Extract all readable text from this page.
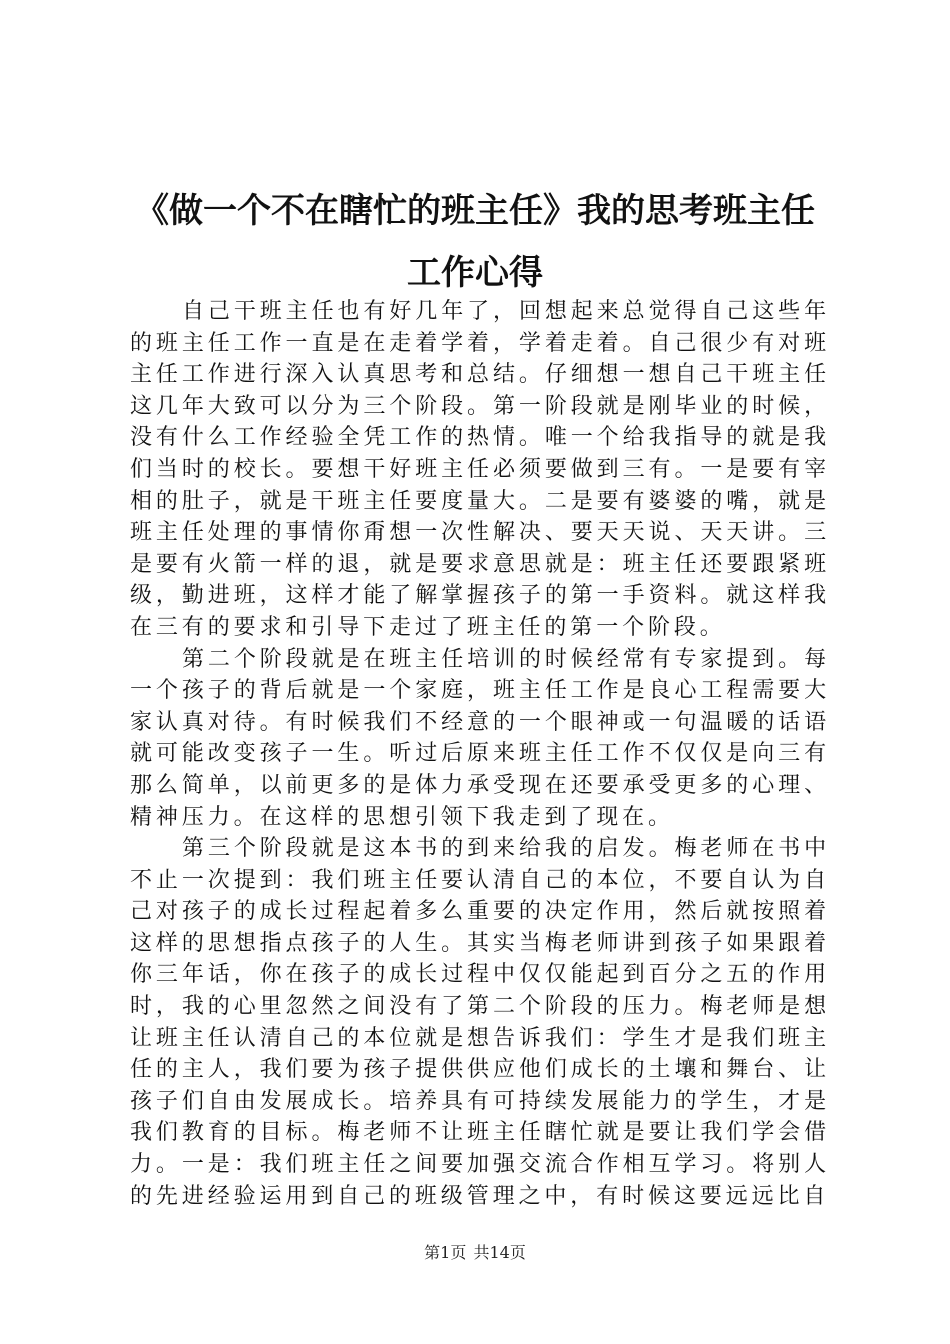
《做一个不在瞎忙的班主任》我的思考班主任
工作心得

自己干班主任也有好几年了，回想起来总觉得自己这些年的班主任工作一直是在走着学着，学着走着。自己很少有对班主任工作进行深入认真思考和总结。仔细想一想自己干班主任这几年大致可以分为三个阶段。第一阶段就是刚毕业的时候，没有什么工作经验全凭工作的热情。唯一个给我指导的就是我们当时的校长。要想干好班主任必须要做到三有。一是要有宰相的肚子，就是干班主任要度量大。二是要有婆婆的嘴，就是班主任处理的事情你甭想一次性解决、要天天说、天天讲。三是要有火箭一样的退，就是要求意思就是：班主任还要跟紧班级，勤进班，这样才能了解掌握孩子的第一手资料。就这样我在三有的要求和引导下走过了班主任的第一个阶段。

第二个阶段就是在班主任培训的时候经常有专家提到。每一个孩子的背后就是一个家庭，班主任工作是良心工程需要大家认真对待。有时候我们不经意的一个眼神或一句温暖的话语就可能改变孩子一生。听过后原来班主任工作不仅仅是向三有那么简单，以前更多的是体力承受现在还要承受更多的心理、精神压力。在这样的思想引领下我走到了现在。

第三个阶段就是这本书的到来给我的启发。梅老师在书中不止一次提到：我们班主任要认清自己的本位，不要自认为自己对孩子的成长过程起着多么重要的决定作用，然后就按照着这样的思想指点孩子的人生。其实当梅老师讲到孩子如果跟着你三年话，你在孩子的成长过程中仅仅能起到百分之五的作用时，我的心里忽然之间没有了第二个阶段的压力。梅老师是想让班主任认清自己的本位就是想告诉我们：学生才是我们班主任的主人，我们要为孩子提供供应他们成长的土壤和舞台、让孩子们自由发展成长。培养具有可持续发展能力的学生，才是我们教育的目标。梅老师不让班主任瞎忙就是要让我们学会借力。一是：我们班主任之间要加强交流合作相互学习。将别人的先进经验运用到自己的班级管理之中，有时候这要远远比自

第1页 共14页
